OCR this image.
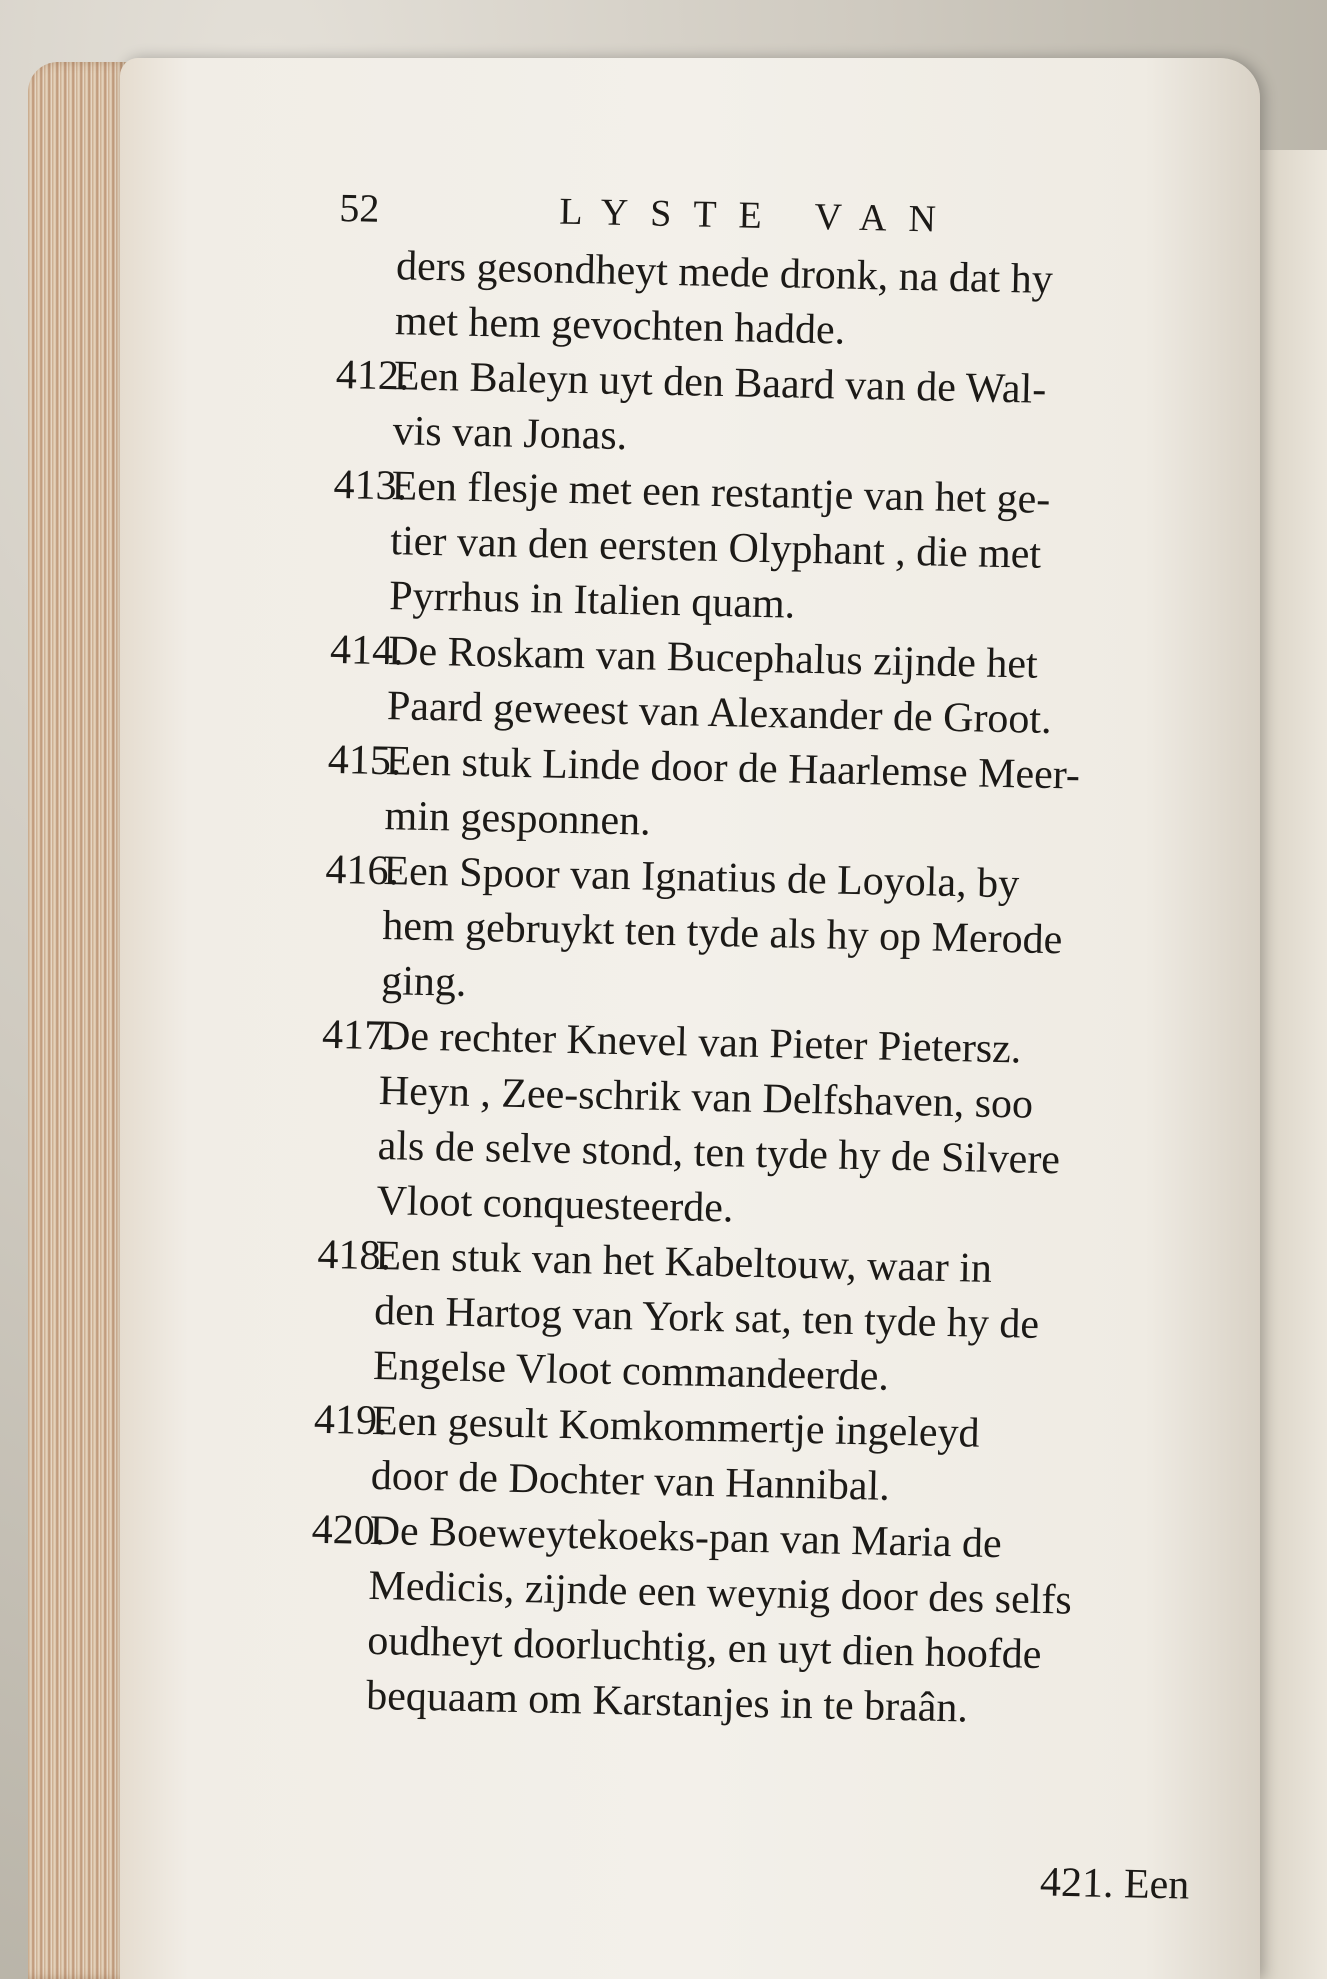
52	LYSTE VAN
ders gesondheyt mede dronk, na dat hy
met hem gevochten hadde.
412.
Een Baleyn uyt den Baard van de Wal-
vis van Jonas.
413.
Een flesje met een restantje van het ge-
tier van den eersten Olyphant , die met
Pyrrhus in Italien quam.
414.
De Roskam van Bucephalus zijnde het
Paard geweest van Alexander de Groot.
415.
Een stuk Linde door de Haarlemse Meer-
min gesponnen.
416.
Een Spoor van Ignatius de Loyola, by
hem gebruykt ten tyde als hy op Merode
ging.
417.
De rechter Knevel van Pieter Pietersz.
Heyn , Zee-schrik van Delfshaven, soo
als de selve stond, ten tyde hy de Silvere
Vloot conquesteerde.
418.
Een stuk van het Kabeltouw, waar in
den Hartog van York sat, ten tyde hy de
Engelse Vloot commandeerde.
419.
Een gesult Komkommertje ingeleyd
door de Dochter van Hannibal.
420.
De Boeweytekoeks-pan van Maria de
Medicis, zijnde een weynig door des selfs
oudheyt doorluchtig, en uyt dien hoofde
bequaam om Karstanjes in te braân.
421. Een
